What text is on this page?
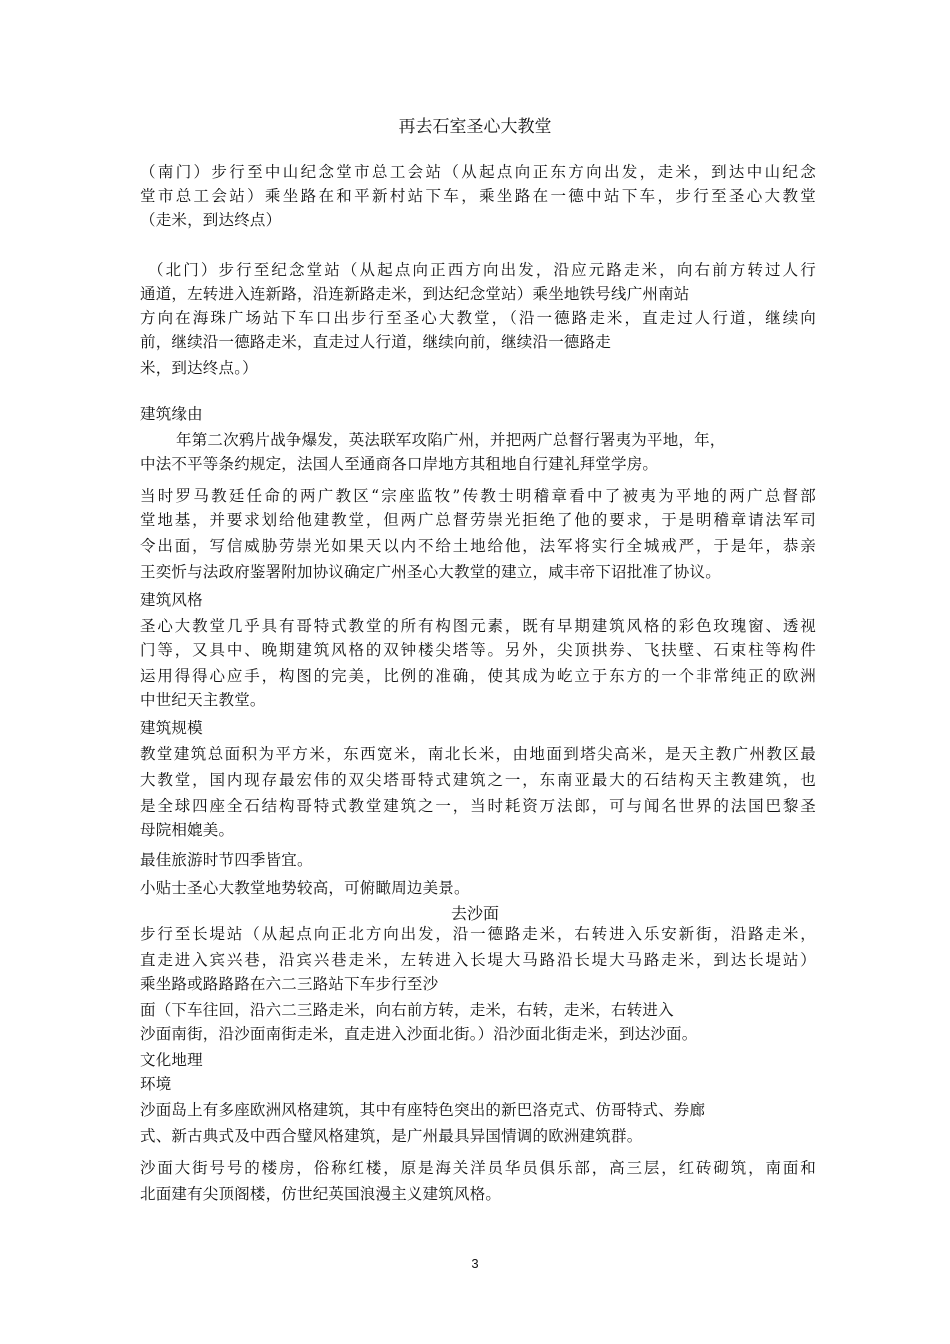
再去石室圣心大教堂
（南门）步行至中山纪念堂市总工会站（从起点向正东方向出发，走米，到达中山纪念
堂市总工会站）乘坐路在和平新村站下车，乘坐路在一德中站下车，步行至圣心大教堂
（走米，到达终点）
（北门）步行至纪念堂站（从起点向正西方向出发，沿应元路走米，向右前方转过人行
通道，左转进入连新路，沿连新路走米，到达纪念堂站）乘坐地铁号线广州南站
方向在海珠广场站下车口出步行至圣心大教堂，（沿一德路走米，直走过人行道，继续向
前，继续沿一德路走米，直走过人行道，继续向前，继续沿一德路走
米，到达终点。）
建筑缘由
年第二次鸦片战争爆发，英法联军攻陷广州，并把两广总督行署夷为平地，年，
中法不平等条约规定，法国人至通商各口岸地方其租地自行建礼拜堂学房。
当时罗马教廷任命的两广教区“宗座监牧”传教士明稽章看中了被夷为平地的两广总督部
堂地基，并要求划给他建教堂，但两广总督劳崇光拒绝了他的要求，于是明稽章请法军司
令出面，写信威胁劳崇光如果天以内不给土地给他，法军将实行全城戒严，于是年，恭亲
王奕忻与法政府鉴署附加协议确定广州圣心大教堂的建立，咸丰帝下诏批准了协议。
建筑风格
圣心大教堂几乎具有哥特式教堂的所有构图元素，既有早期建筑风格的彩色玫瑰窗、透视
门等，又具中、晚期建筑风格的双钟楼尖塔等。另外，尖顶拱券、飞扶壁、石束柱等构件
运用得得心应手，构图的完美，比例的准确，使其成为屹立于东方的一个非常纯正的欧洲
中世纪天主教堂。
建筑规模
教堂建筑总面积为平方米，东西宽米，南北长米，由地面到塔尖高米，是天主教广州教区最
大教堂，国内现存最宏伟的双尖塔哥特式建筑之一，东南亚最大的石结构天主教建筑，也
是全球四座全石结构哥特式教堂建筑之一，当时耗资万法郎，可与闻名世界的法国巴黎圣
母院相媲美。
最佳旅游时节四季皆宜。
小贴士圣心大教堂地势较高，可俯瞰周边美景。
去沙面
步行至长堤站（从起点向正北方向出发，沿一德路走米，右转进入乐安新街，沿路走米，
直走进入宾兴巷，沿宾兴巷走米，左转进入长堤大马路沿长堤大马路走米，到达长堤站）
乘坐路或路路路在六二三路站下车步行至沙
面（下车往回，沿六二三路走米，向右前方转，走米，右转，走米，右转进入
沙面南街，沿沙面南街走米，直走进入沙面北街。）沿沙面北街走米，到达沙面。
文化地理
环境
沙面岛上有多座欧洲风格建筑，其中有座特色突出的新巴洛克式、仿哥特式、券廊
式、新古典式及中西合璧风格建筑，是广州最具异国情调的欧洲建筑群。
沙面大街号号的楼房，俗称红楼，原是海关洋员华员俱乐部，高三层，红砖砌筑，南面和
北面建有尖顶阁楼，仿世纪英国浪漫主义建筑风格。
3
